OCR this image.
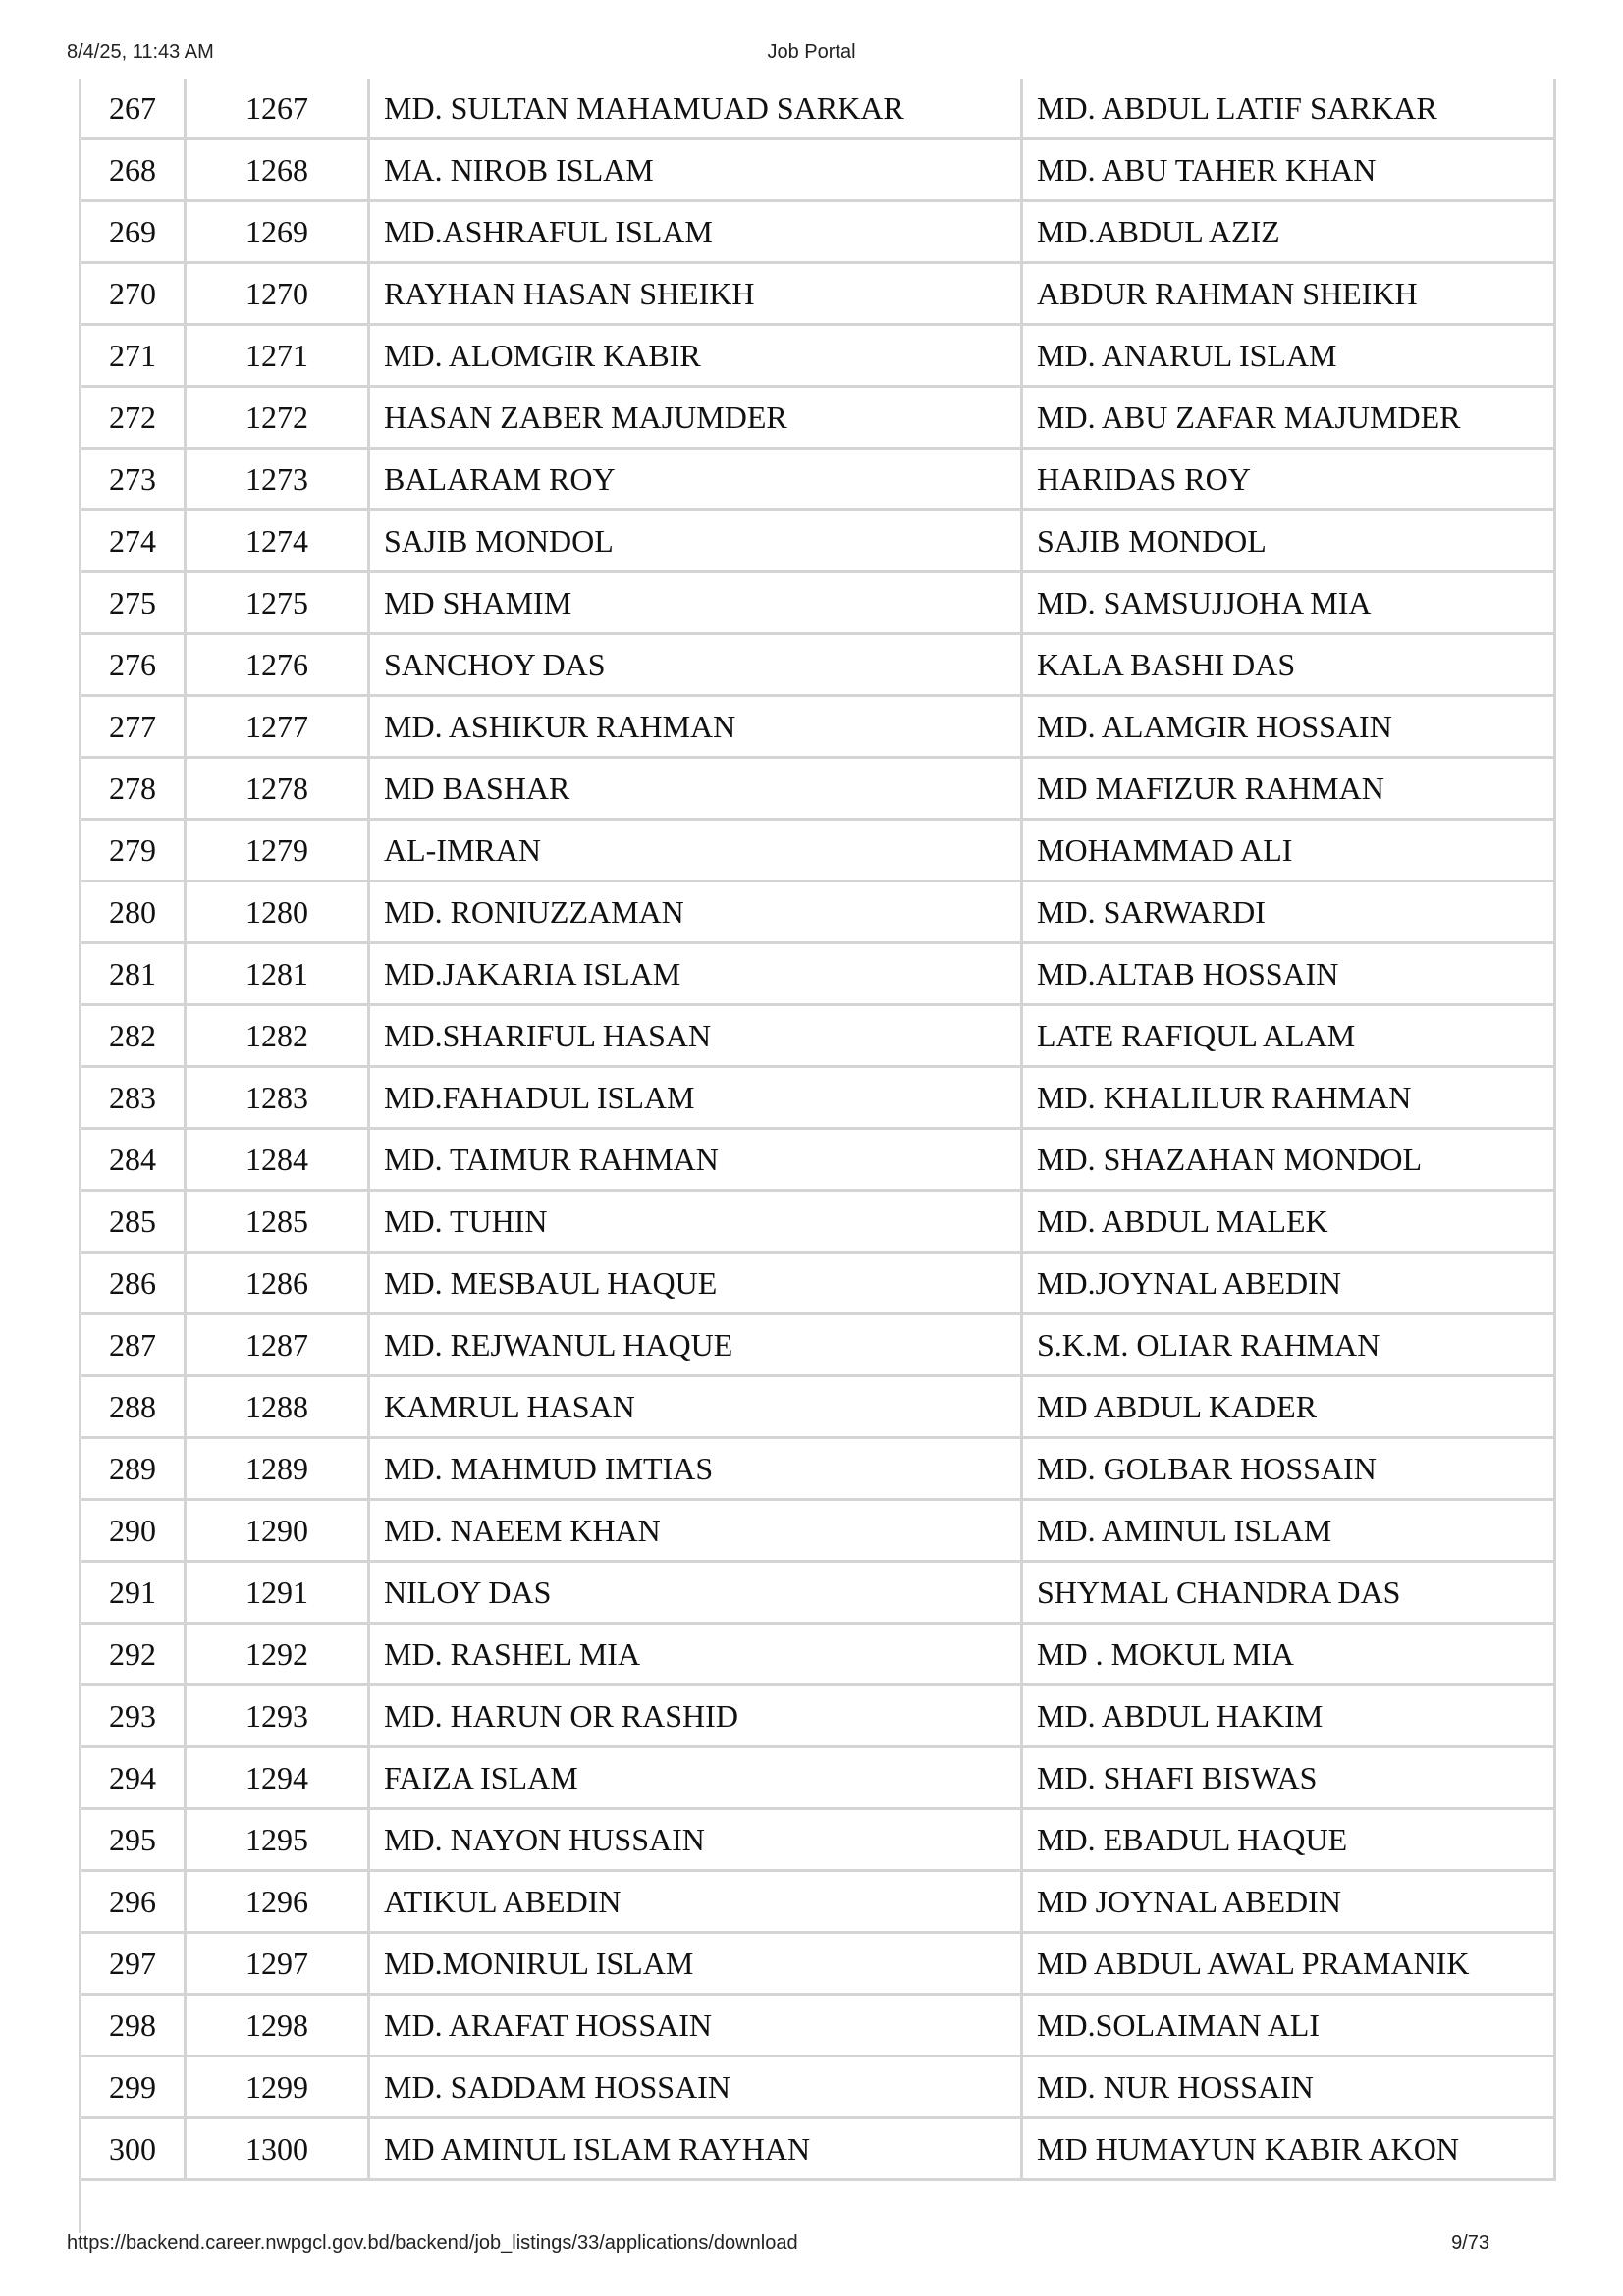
8/4/25, 11:43 AM	Job Portal
267	1267	MD. SULTAN MAHAMUAD SARKAR	MD. ABDUL LATIF SARKAR
268	1268	MA. NIROB ISLAM	MD. ABU TAHER KHAN
269	1269	MD.ASHRAFUL ISLAM	MD.ABDUL AZIZ
270	1270	RAYHAN HASAN SHEIKH	ABDUR RAHMAN SHEIKH
271	1271	MD. ALOMGIR KABIR	MD. ANARUL ISLAM
272	1272	HASAN ZABER MAJUMDER	MD. ABU ZAFAR MAJUMDER
273	1273	BALARAM ROY	HARIDAS ROY
274	1274	SAJIB MONDOL	SAJIB MONDOL
275	1275	MD SHAMIM	MD. SAMSUJJOHA MIA
276	1276	SANCHOY DAS	KALA BASHI DAS
277	1277	MD. ASHIKUR RAHMAN	MD. ALAMGIR HOSSAIN
278	1278	MD BASHAR	MD MAFIZUR RAHMAN
279	1279	AL-IMRAN	MOHAMMAD ALI
280	1280	MD. RONIUZZAMAN	MD. SARWARDI
281	1281	MD.JAKARIA ISLAM	MD.ALTAB HOSSAIN
282	1282	MD.SHARIFUL HASAN	LATE RAFIQUL ALAM
283	1283	MD.FAHADUL ISLAM	MD. KHALILUR RAHMAN
284	1284	MD. TAIMUR RAHMAN	MD. SHAZAHAN MONDOL
285	1285	MD. TUHIN	MD. ABDUL MALEK
286	1286	MD. MESBAUL HAQUE	MD.JOYNAL ABEDIN
287	1287	MD. REJWANUL HAQUE	S.K.M. OLIAR RAHMAN
288	1288	KAMRUL HASAN	MD ABDUL KADER
289	1289	MD. MAHMUD IMTIAS	MD. GOLBAR HOSSAIN
290	1290	MD. NAEEM KHAN	MD. AMINUL ISLAM
291	1291	NILOY DAS	SHYMAL CHANDRA DAS
292	1292	MD. RASHEL MIA	MD . MOKUL MIA
293	1293	MD. HARUN OR RASHID	MD. ABDUL HAKIM
294	1294	FAIZA ISLAM	MD. SHAFI BISWAS
295	1295	MD. NAYON HUSSAIN	MD. EBADUL HAQUE
296	1296	ATIKUL ABEDIN	MD JOYNAL ABEDIN
297	1297	MD.MONIRUL ISLAM	MD ABDUL AWAL PRAMANIK
298	1298	MD. ARAFAT HOSSAIN	MD.SOLAIMAN ALI
299	1299	MD. SADDAM HOSSAIN	MD. NUR HOSSAIN
300	1300	MD AMINUL ISLAM RAYHAN	MD HUMAYUN KABIR AKON
https://backend.career.nwpgcl.gov.bd/backend/job_listings/33/applications/download	9/73
